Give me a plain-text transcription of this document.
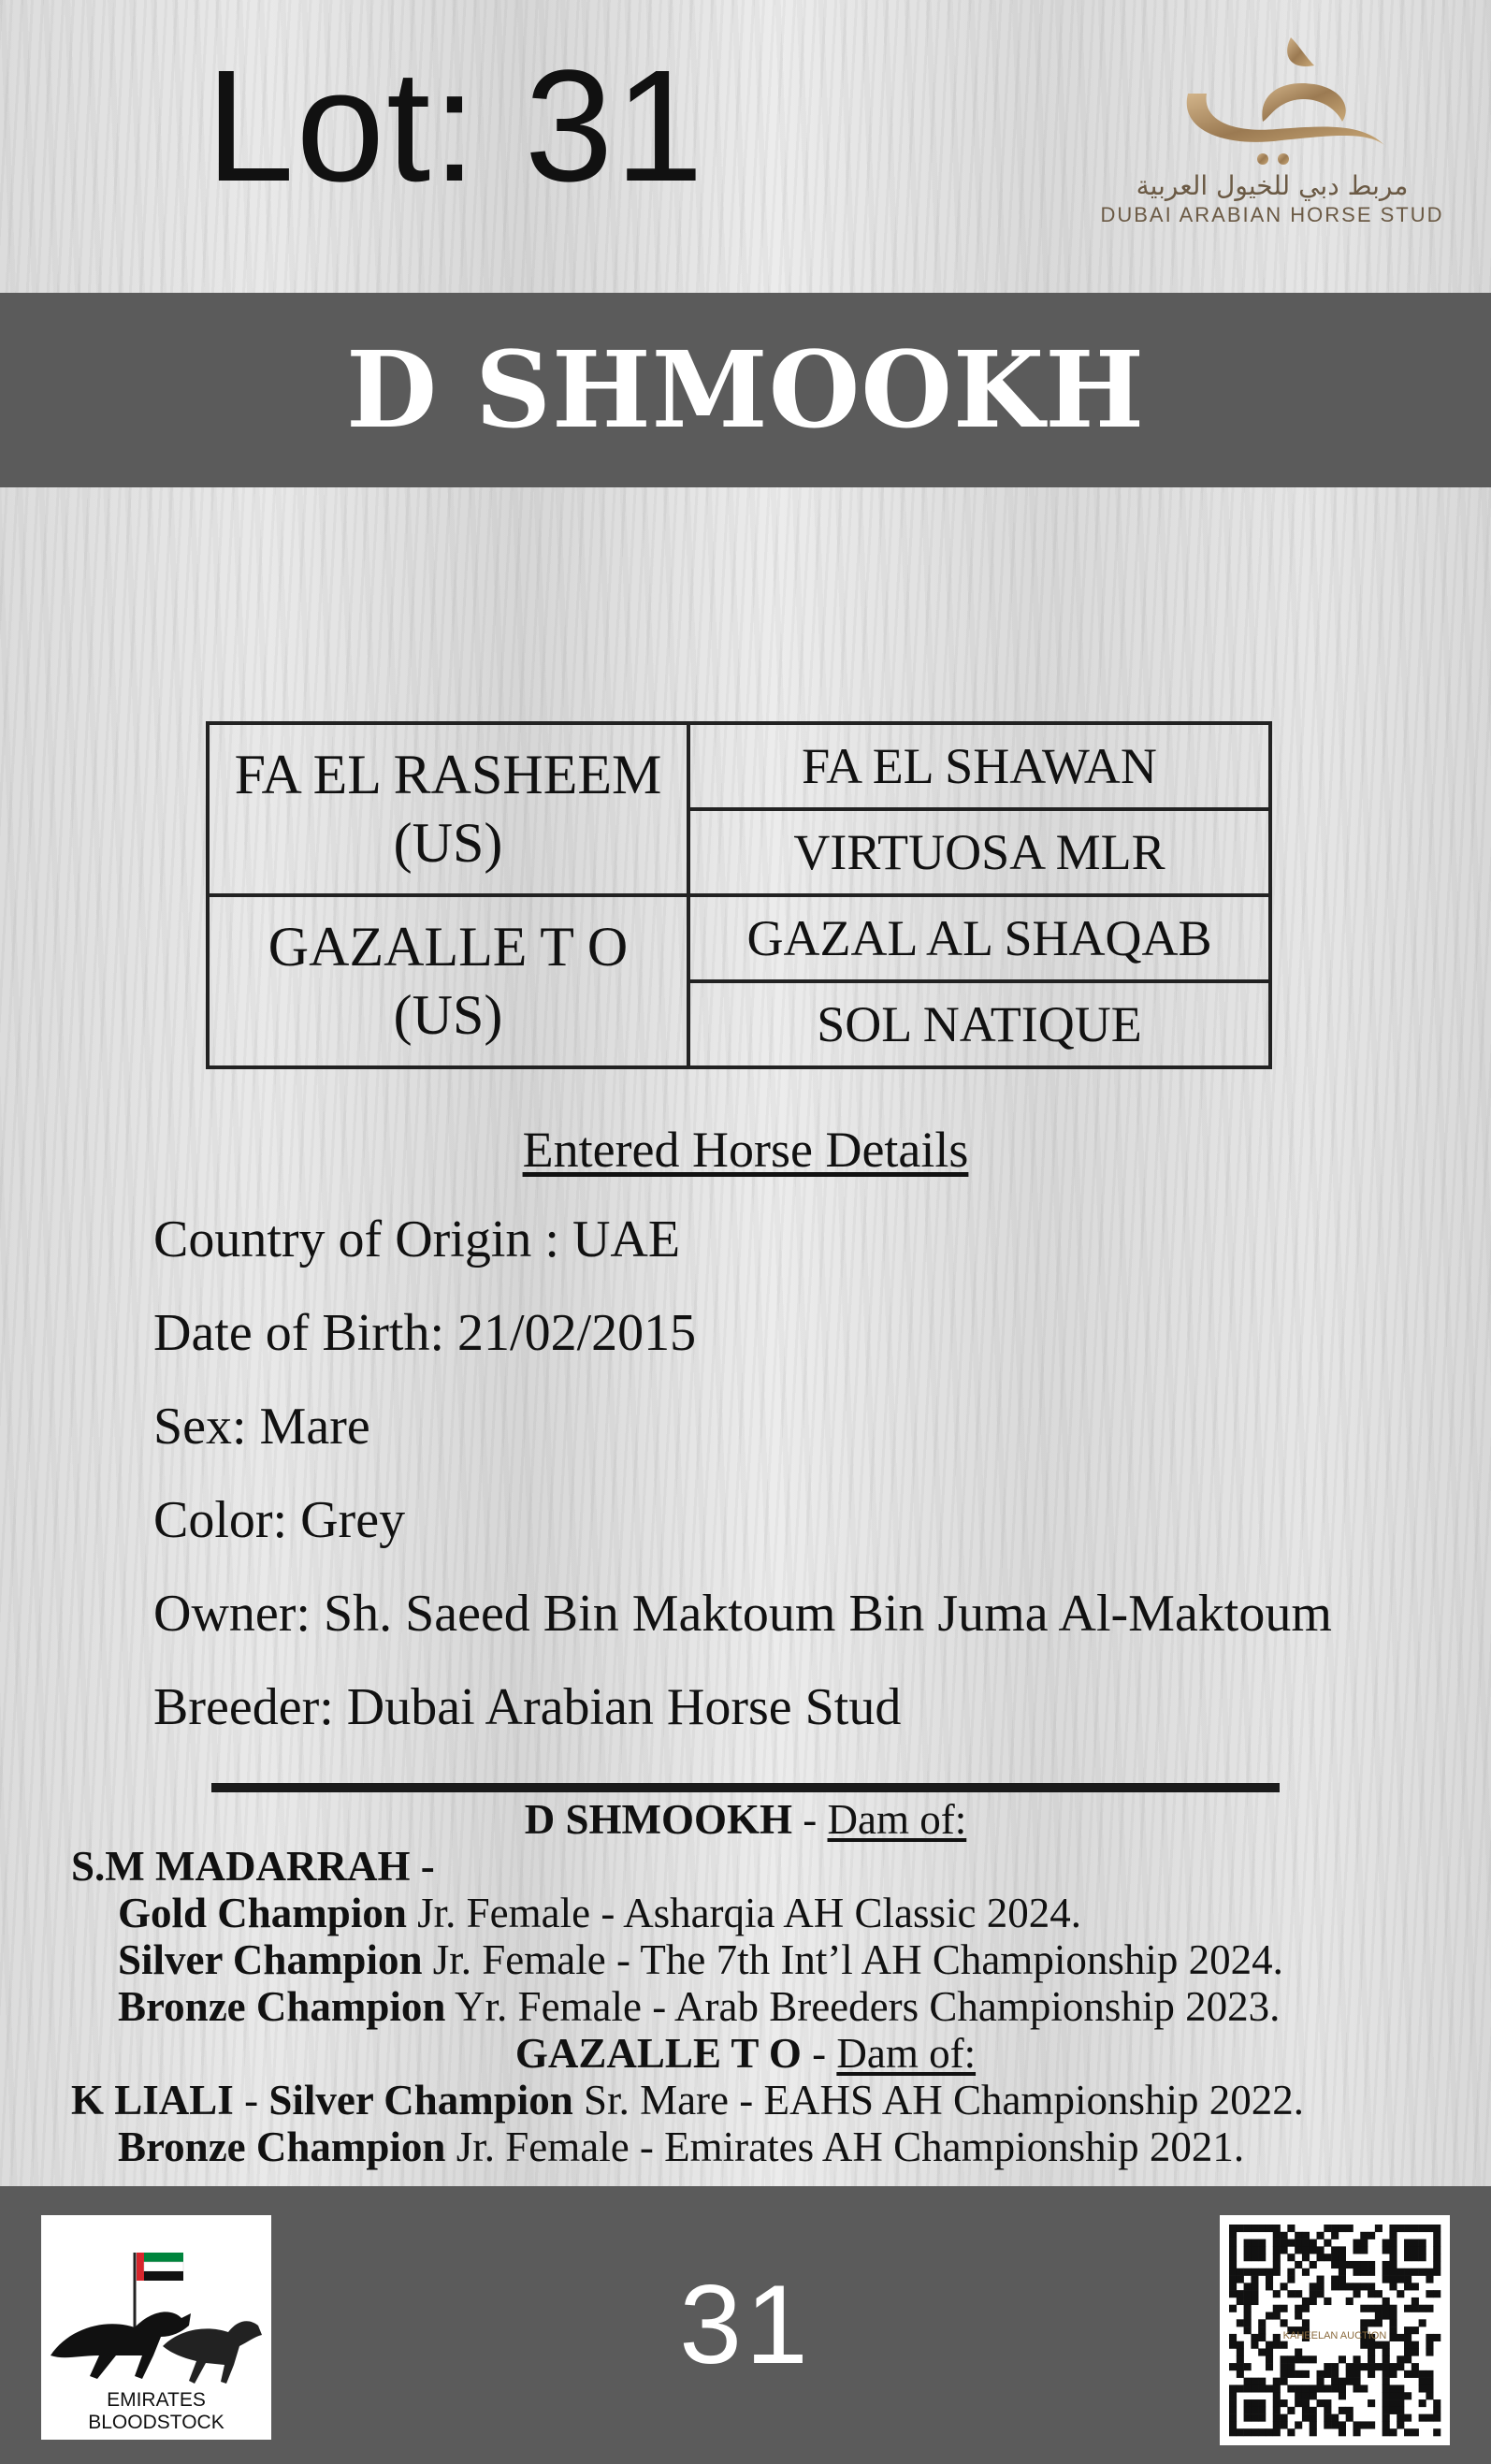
Lot: 31	مربط دبي للخيول العربية
DUBAI ARABIAN HORSE STUD
D SHMOOKH
FA EL RASHEEM (US)	FA EL SHAWAN
	VIRTUOSA MLR
GAZALLE T O (US)	GAZAL AL SHAQAB
	SOL NATIQUE
Entered Horse Details
Country of Origin : UAE
Date of Birth: 21/02/2015
Sex: Mare
Color: Grey
Owner: Sh. Saeed Bin Maktoum Bin Juma Al-Maktoum
Breeder: Dubai Arabian Horse Stud
D SHMOOKH - Dam of:
S.M MADARRAH -
Gold Champion Jr. Female - Asharqia AH Classic 2024.
Silver Champion Jr. Female - The 7th Int’l AH Championship 2024.
Bronze Champion Yr. Female - Arab Breeders Championship 2023.
GAZALLE T O - Dam of:
K LIALI - Silver Champion Sr. Mare - EAHS AH Championship 2022.
Bronze Champion Jr. Female - Emirates AH Championship 2021.
EMIRATES BLOODSTOCK
31	KAHEELAN AUCTION
